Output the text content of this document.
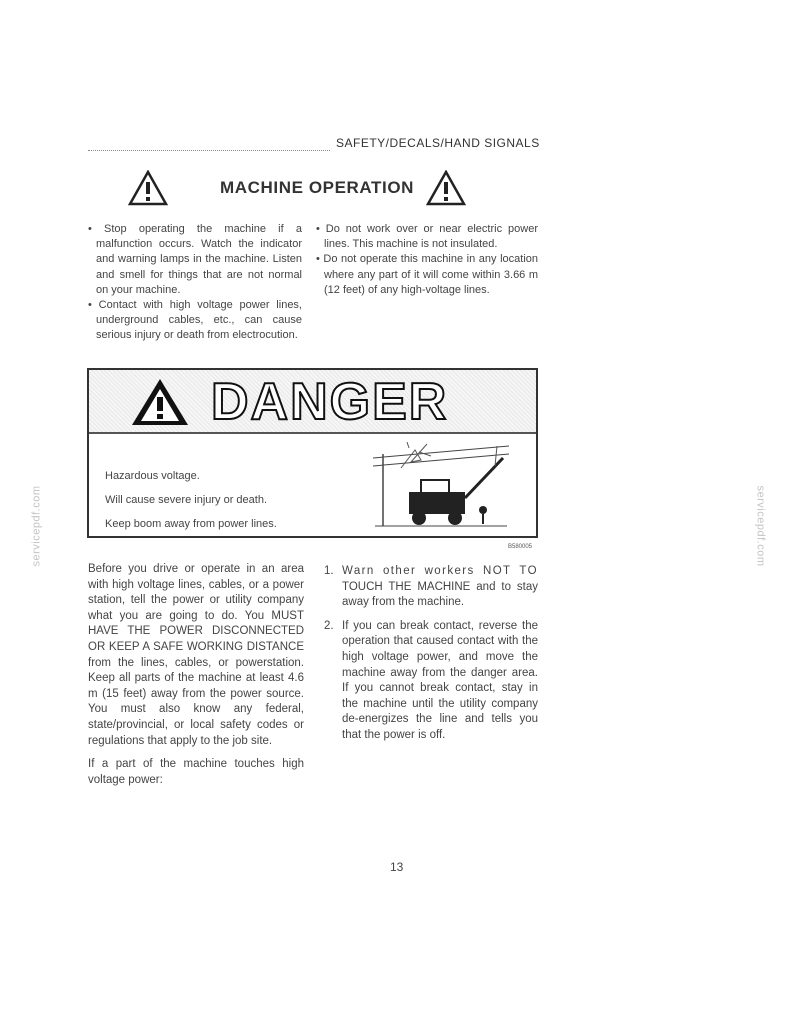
SAFETY/DECALS/HAND SIGNALS
MACHINE OPERATION

• Stop operating the machine if a malfunction occurs. Watch the indicator and warning lamps in the machine. Listen and smell for things that are not normal on your machine.

• Contact with high voltage power lines, underground cables, etc., can cause serious injury or death from electrocution.

• Do not work over or near electric power lines. This machine is not insulated.

• Do not operate this machine in any location where any part of it will come within 3.66 m (12 feet) of any high-voltage lines.

DANGER
Hazardous voltage.
Will cause severe injury or death.
Keep boom away from power lines.
B580005

Before you drive or operate in an area with high voltage lines, cables, or a power station, tell the power or utility company what you are going to do. You MUST HAVE THE POWER DISCONNECTED OR KEEP A SAFE WORKING DISTANCE from the lines, cables, or powerstation. Keep all parts of the machine at least 4.6 m (15 feet) away from the power source. You must also know any federal, state/provincial, or local safety codes or regulations that apply to the job site.

If a part of the machine touches high voltage power:

1. Warn other workers NOT TO TOUCH THE MACHINE and to stay away from the machine.
2. If you can break contact, reverse the operation that caused contact with the high voltage power, and move the machine away from the danger area. If you cannot break contact, stay in the machine until the utility company de-energizes the line and tells you that the power is off.
13
servicepdf.com	servicepdf.com
